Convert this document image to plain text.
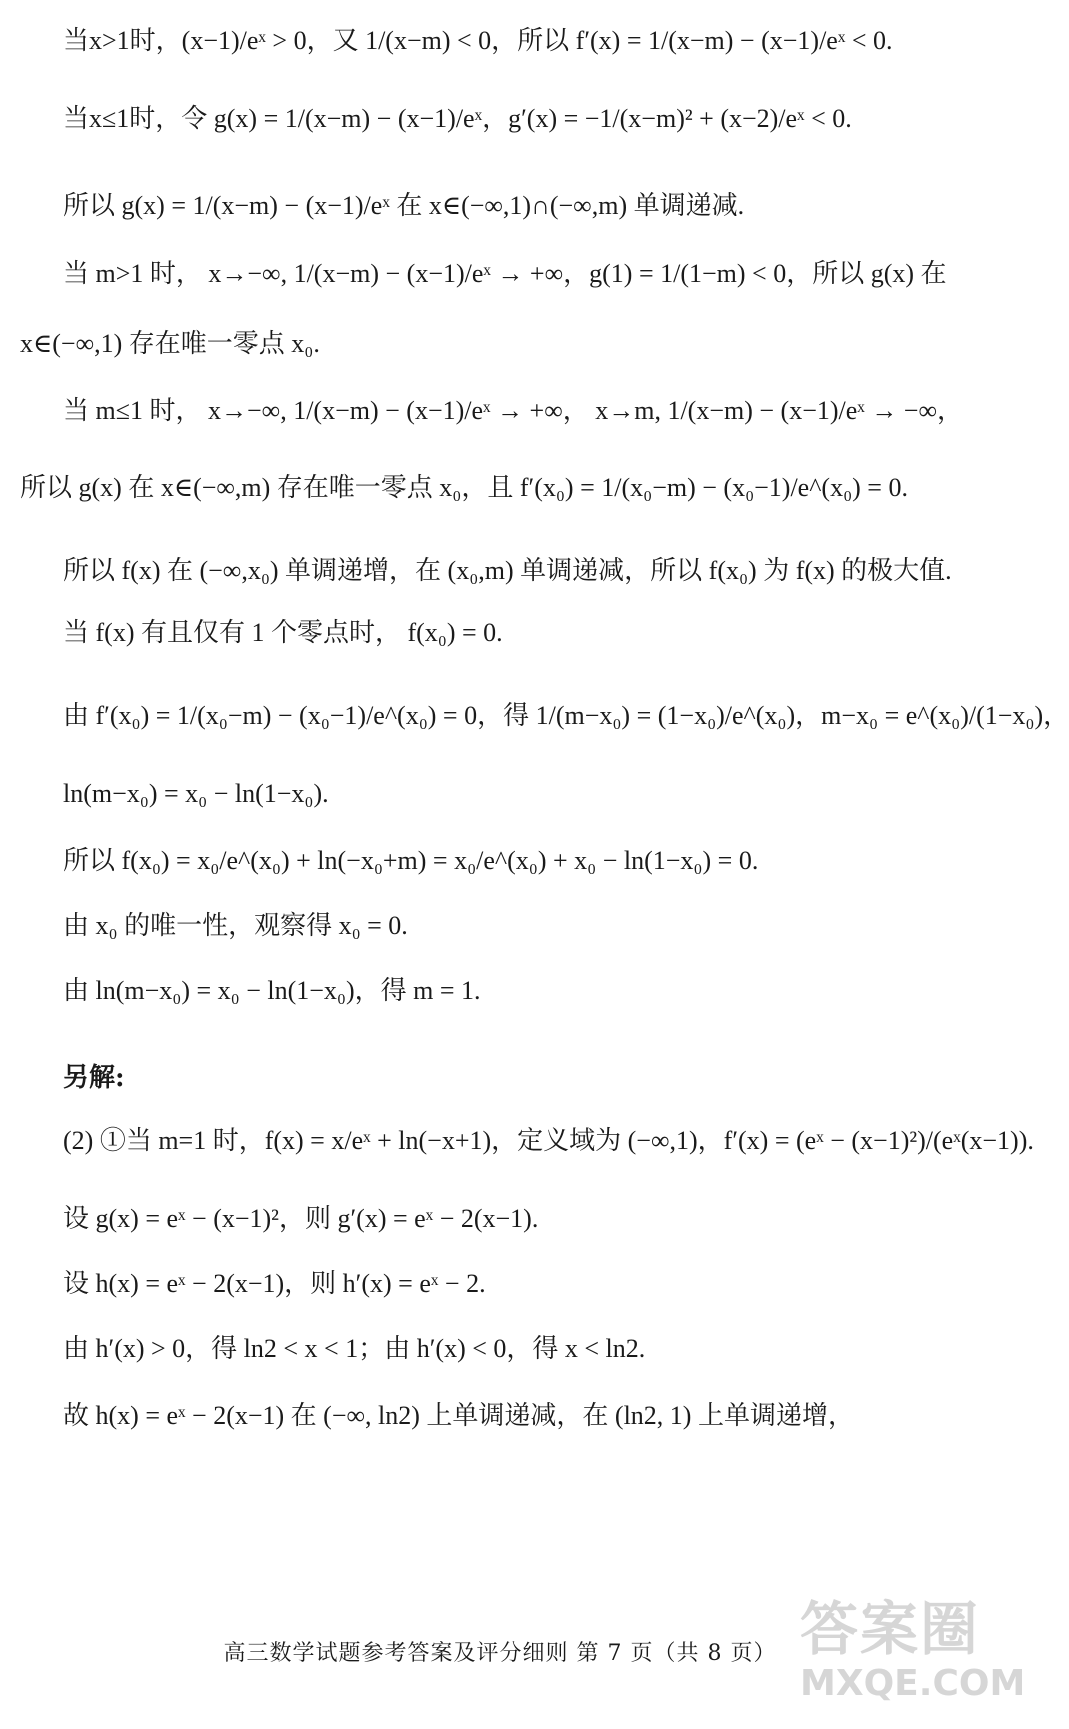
当x>1时，(x−1)/eˣ > 0，又 1/(x−m) < 0，所以 f′(x) = 1/(x−m) − (x−1)/eˣ < 0.
当x≤1时，令 g(x) = 1/(x−m) − (x−1)/eˣ，g′(x) = −1/(x−m)² + (x−2)/eˣ < 0.
所以 g(x) = 1/(x−m) − (x−1)/eˣ 在 x∈(−∞,1)∩(−∞,m) 单调递减.
当 m>1 时， x→−∞, 1/(x−m) − (x−1)/eˣ → +∞，g(1) = 1/(1−m) < 0，所以 g(x) 在
x∈(−∞,1) 存在唯一零点 x₀.
当 m≤1 时， x→−∞, 1/(x−m) − (x−1)/eˣ → +∞， x→m, 1/(x−m) − (x−1)/eˣ → −∞，
所以 g(x) 在 x∈(−∞,m) 存在唯一零点 x₀，且 f′(x₀) = 1/(x₀−m) − (x₀−1)/e^(x₀) = 0.
所以 f(x) 在 (−∞,x₀) 单调递增，在 (x₀,m) 单调递减，所以 f(x₀) 为 f(x) 的极大值.
当 f(x) 有且仅有 1 个零点时， f(x₀) = 0.
由 f′(x₀) = 1/(x₀−m) − (x₀−1)/e^(x₀) = 0，得 1/(m−x₀) = (1−x₀)/e^(x₀)，m−x₀ = e^(x₀)/(1−x₀)，
ln(m−x₀) = x₀ − ln(1−x₀).
所以 f(x₀) = x₀/e^(x₀) + ln(−x₀+m) = x₀/e^(x₀) + x₀ − ln(1−x₀) = 0.
由 x₀ 的唯一性，观察得 x₀ = 0.
由 ln(m−x₀) = x₀ − ln(1−x₀)，得 m = 1.
另解:
(2) ①当 m=1 时，f(x) = x/eˣ + ln(−x+1)，定义域为 (−∞,1)，f′(x) = (eˣ − (x−1)²)/(eˣ(x−1)).
设 g(x) = eˣ − (x−1)²，则 g′(x) = eˣ − 2(x−1).
设 h(x) = eˣ − 2(x−1)，则 h′(x) = eˣ − 2.
由 h′(x) > 0，得 ln2 < x < 1；由 h′(x) < 0，得 x < ln2.
故 h(x) = eˣ − 2(x−1) 在 (−∞, ln2) 上单调递减，在 (ln2, 1) 上单调递增，
高三数学试题参考答案及评分细则 第 7 页（共 8 页） 答案圈
MXQE.COM
